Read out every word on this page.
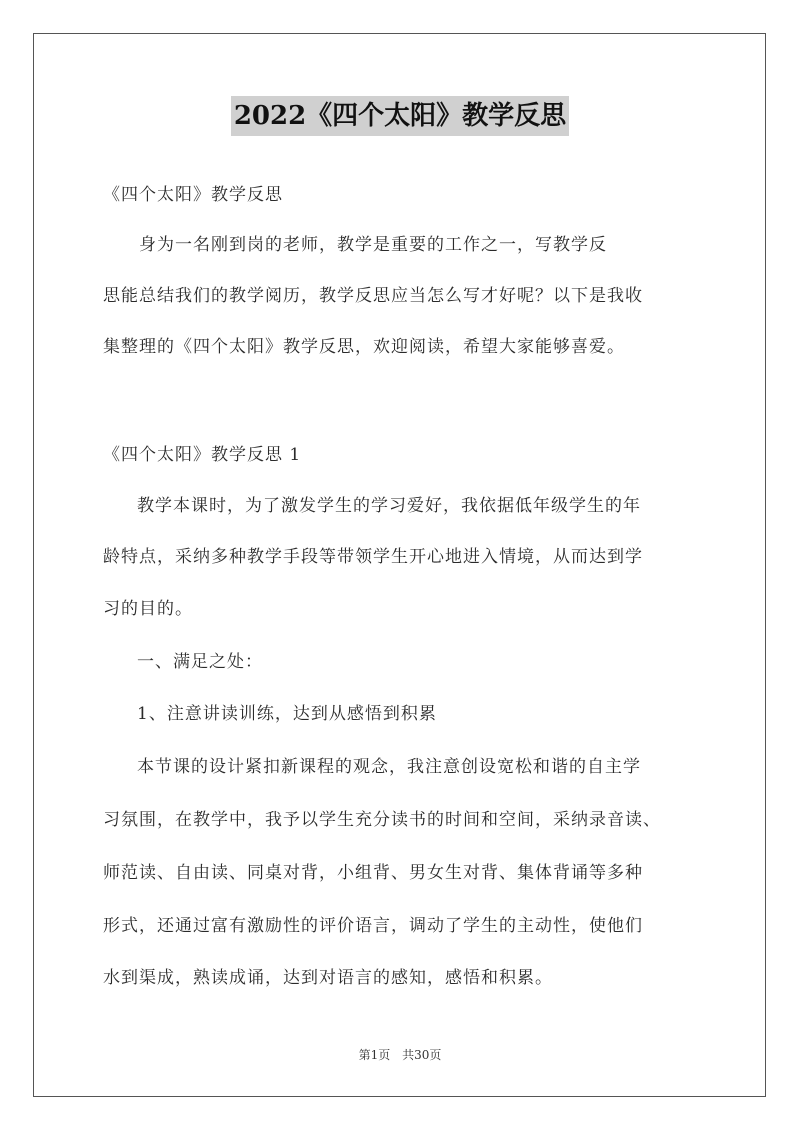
2022《四个太阳》教学反思
《四个太阳》教学反思
　　身为一名刚到岗的老师，教学是重要的工作之一，写教学反
思能总结我们的教学阅历，教学反思应当怎么写才好呢？以下是我收
集整理的《四个太阳》教学反思，欢迎阅读，希望大家能够喜爱。
《四个太阳》教学反思 1
教学本课时，为了激发学生的学习爱好，我依据低年级学生的年
龄特点，采纳多种教学手段等带领学生开心地进入情境，从而达到学
习的目的。
一、满足之处：
1、注意讲读训练，达到从感悟到积累
本节课的设计紧扣新课程的观念，我注意创设宽松和谐的自主学
习氛围，在教学中，我予以学生充分读书的时间和空间，采纳录音读、
师范读、自由读、同桌对背，小组背、男女生对背、集体背诵等多种
形式，还通过富有激励性的评价语言，调动了学生的主动性，使他们
水到渠成，熟读成诵，达到对语言的感知，感悟和积累。
第1页 共30页
